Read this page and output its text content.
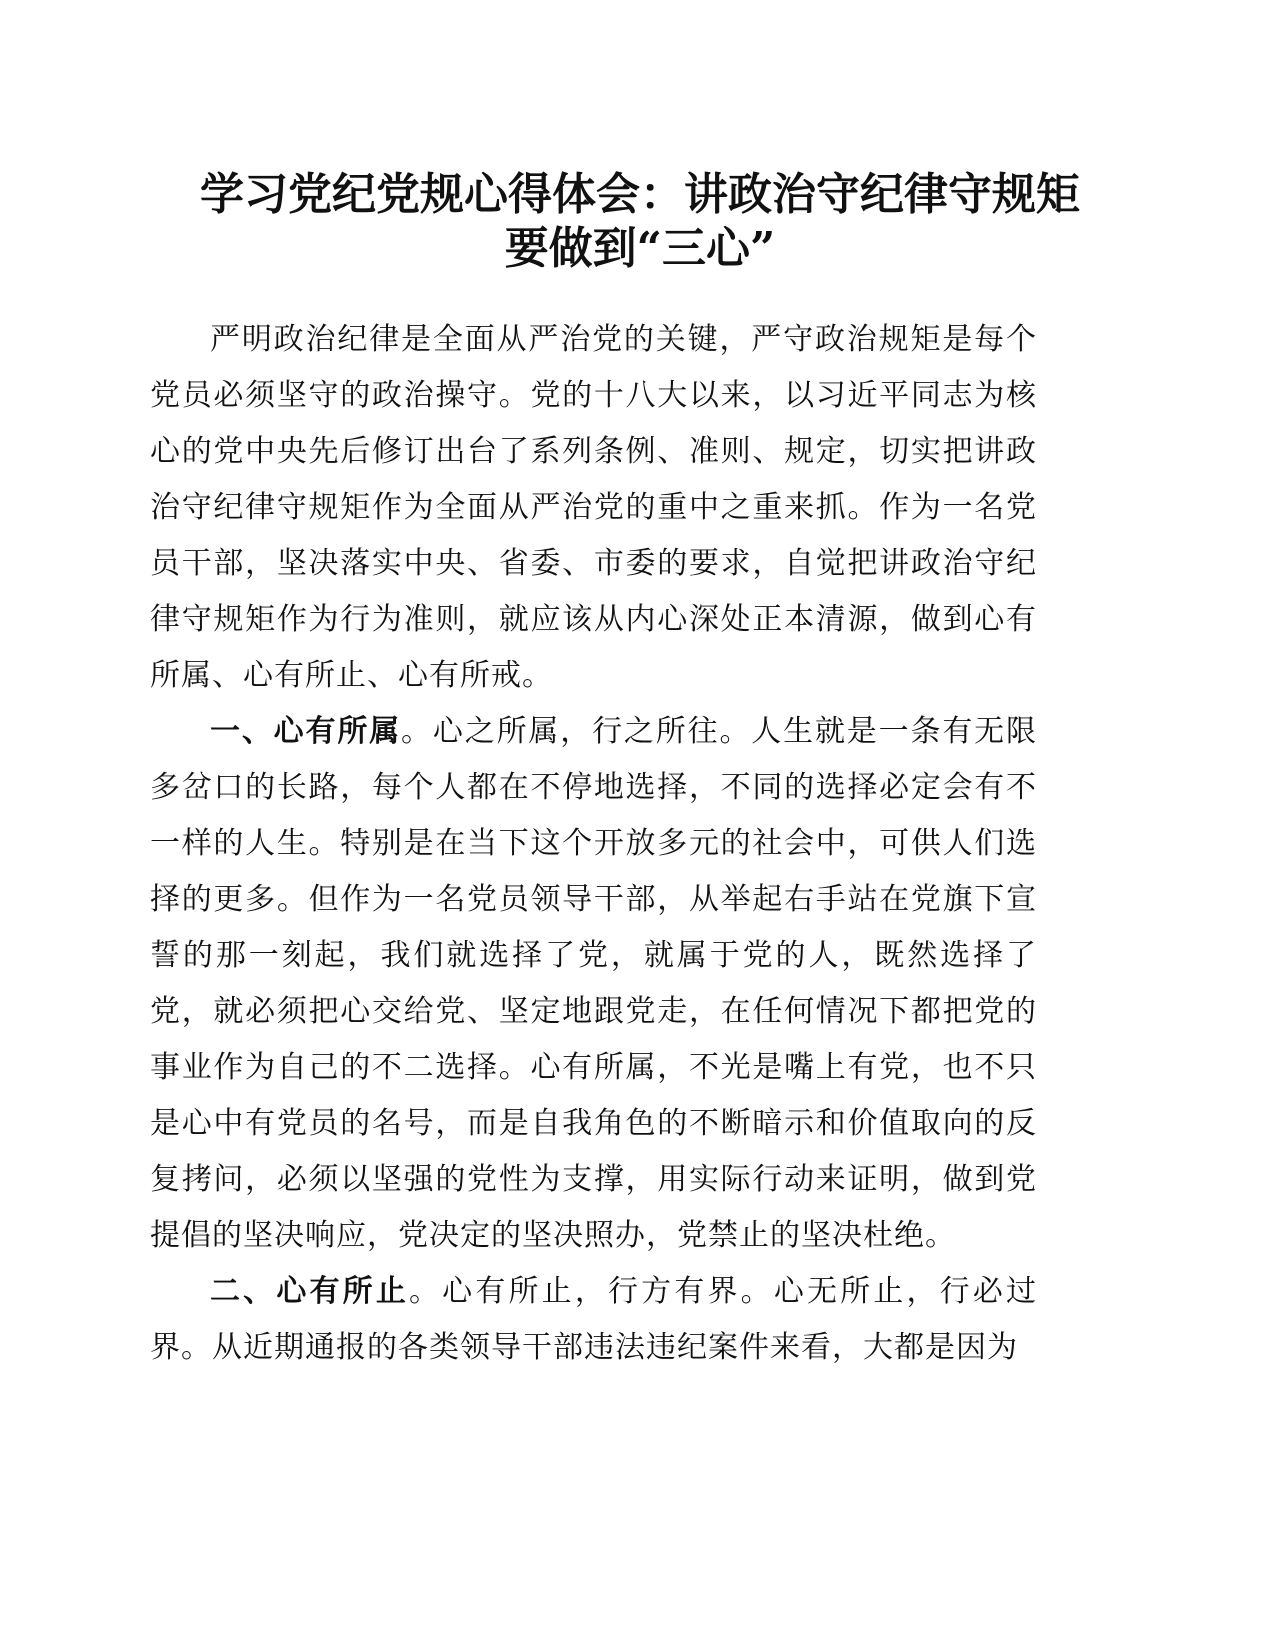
学习党纪党规心得体会：讲政治守纪律守规矩
要做到“三心”

严明政治纪律是全面从严治党的关键，严守政治规矩是每个党员必须坚守的政治操守。党的十八大以来，以习近平同志为核心的党中央先后修订出台了系列条例、准则、规定，切实把讲政治守纪律守规矩作为全面从严治党的重中之重来抓。作为一名党员干部，坚决落实中央、省委、市委的要求，自觉把讲政治守纪律守规矩作为行为准则，就应该从内心深处正本清源，做到心有所属、心有所止、心有所戒。

一、心有所属。心之所属，行之所往。人生就是一条有无限多岔口的长路，每个人都在不停地选择，不同的选择必定会有不一样的人生。特别是在当下这个开放多元的社会中，可供人们选择的更多。但作为一名党员领导干部，从举起右手站在党旗下宣誓的那一刻起，我们就选择了党，就属于党的人，既然选择了党，就必须把心交给党、坚定地跟党走，在任何情况下都把党的事业作为自己的不二选择。心有所属，不光是嘴上有党，也不只是心中有党员的名号，而是自我角色的不断暗示和价值取向的反复拷问，必须以坚强的党性为支撑，用实际行动来证明，做到党提倡的坚决响应，党决定的坚决照办，党禁止的坚决杜绝。

二、心有所止。心有所止，行方有界。心无所止，行必过界。从近期通报的各类领导干部违法违纪案件来看，大都是因为
